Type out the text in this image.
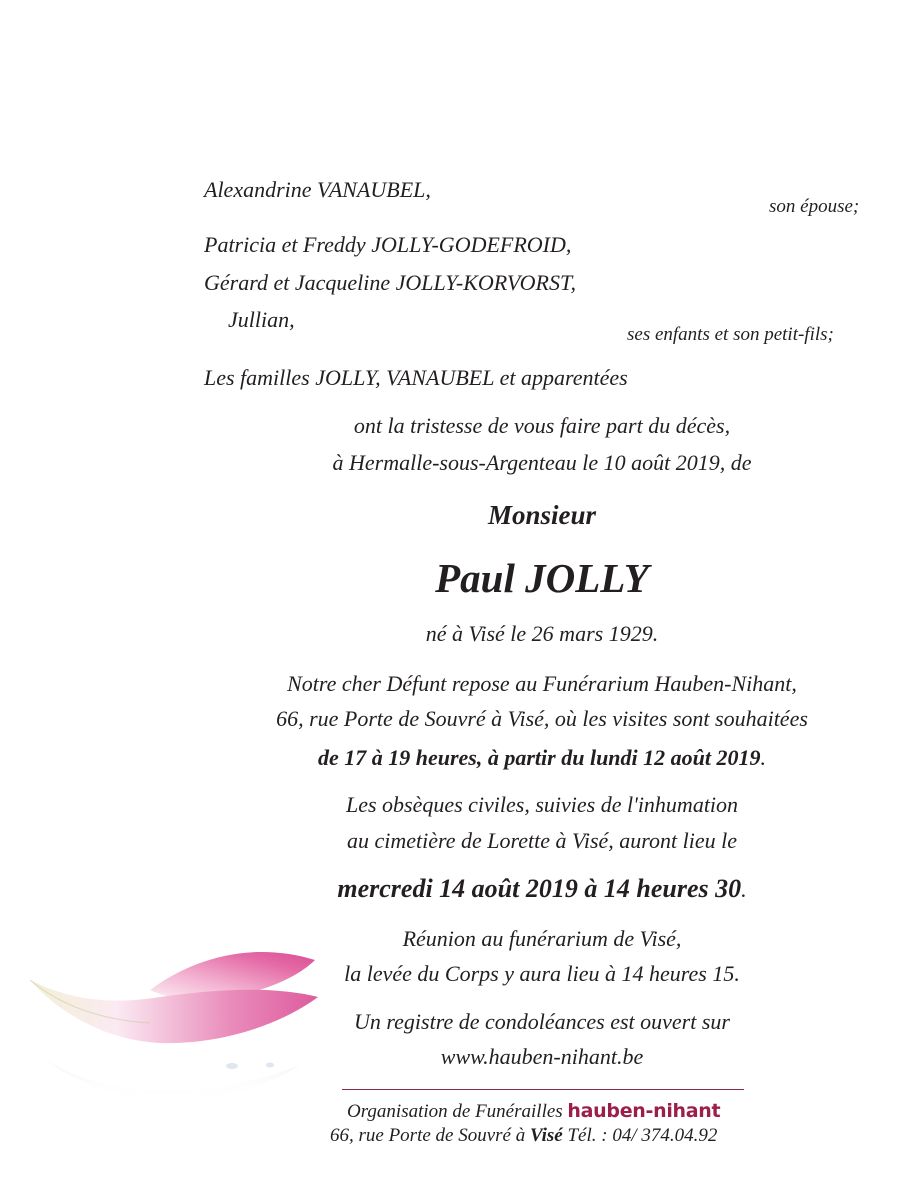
Alexandrine VANAUBEL,
son épouse;
Patricia et Freddy JOLLY-GODEFROID,
Gérard et Jacqueline JOLLY-KORVORST,
Jullian,
ses enfants et son petit-fils;
Les familles JOLLY, VANAUBEL et apparentées
ont la tristesse de vous faire part du décès,
à Hermalle-sous-Argenteau le 10 août 2019, de
Monsieur
Paul JOLLY
né à Visé le 26 mars 1929.
Notre cher Défunt repose au Funérarium Hauben-Nihant,
66, rue Porte de Souvré à Visé, où les visites sont souhaitées
de 17 à 19 heures, à partir du lundi 12 août 2019.
Les obsèques civiles, suivies de l'inhumation
au cimetière de Lorette à Visé, auront lieu le
mercredi 14 août 2019 à 14 heures 30.
Réunion au funérarium de Visé,
la levée du Corps y aura lieu à 14 heures 15.
Un registre de condoléances est ouvert sur
www.hauben-nihant.be
Organisation de Funérailles hauben-nihant
66, rue Porte de Souvré à Visé Tél. : 04/ 374.04.92
